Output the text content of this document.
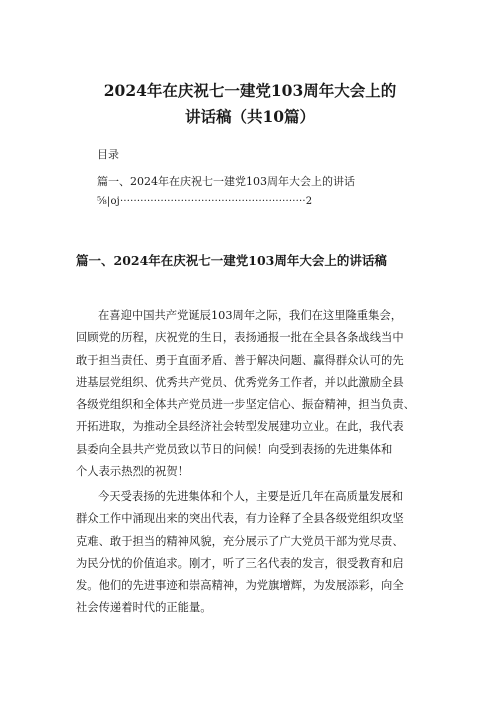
2024年在庆祝七一建党103周年大会上的
讲话稿（共10篇）
目录
篇一、2024年在庆祝七一建党103周年大会上的讲话
⅝|oj·······················································2
篇一、2024年在庆祝七一建党103周年大会上的讲话稿
在喜迎中国共产党诞辰103周年之际，我们在这里隆重集会，
回顾党的历程，庆祝党的生日，表扬通报一批在全县各条战线当中
敢于担当责任、勇于直面矛盾、善于解决问题、赢得群众认可的先
进基层党组织、优秀共产党员、优秀党务工作者，并以此激励全县
各级党组织和全体共产党员进一步坚定信心、振奋精神，担当负责、
开拓进取，为推动全县经济社会转型发展建功立业。在此，我代表
县委向全县共产党员致以节日的问候！向受到表扬的先进集体和
个人表示热烈的祝贺！
今天受表扬的先进集体和个人，主要是近几年在高质量发展和
群众工作中涌现出来的突出代表，有力诠释了全县各级党组织攻坚
克难、敢于担当的精神风貌，充分展示了广大党员干部为党尽责、
为民分忧的价值追求。刚才，听了三名代表的发言，很受教育和启
发。他们的先进事迹和崇高精神，为党旗增辉，为发展添彩，向全
社会传递着时代的正能量。
